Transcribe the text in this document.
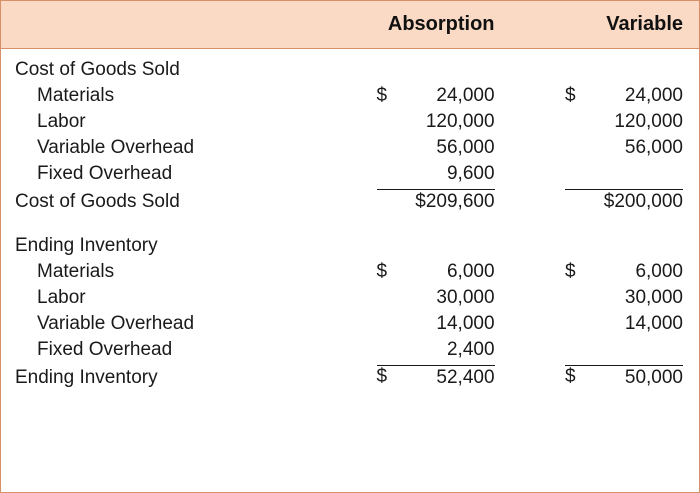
	Absorption	Variable
Cost of Goods Sold		
Materials	$ 24,000	$ 24,000
Labor	120,000	120,000
Variable Overhead	56,000	56,000
Fixed Overhead	9,600	

Cost of Goods Sold	$209,600	$200,000

Ending Inventory		
Materials	$ 6,000	$ 6,000
Labor	30,000	30,000
Variable Overhead	14,000	14,000
Fixed Overhead	2,400	

Ending Inventory	$ 52,400	$ 50,000
